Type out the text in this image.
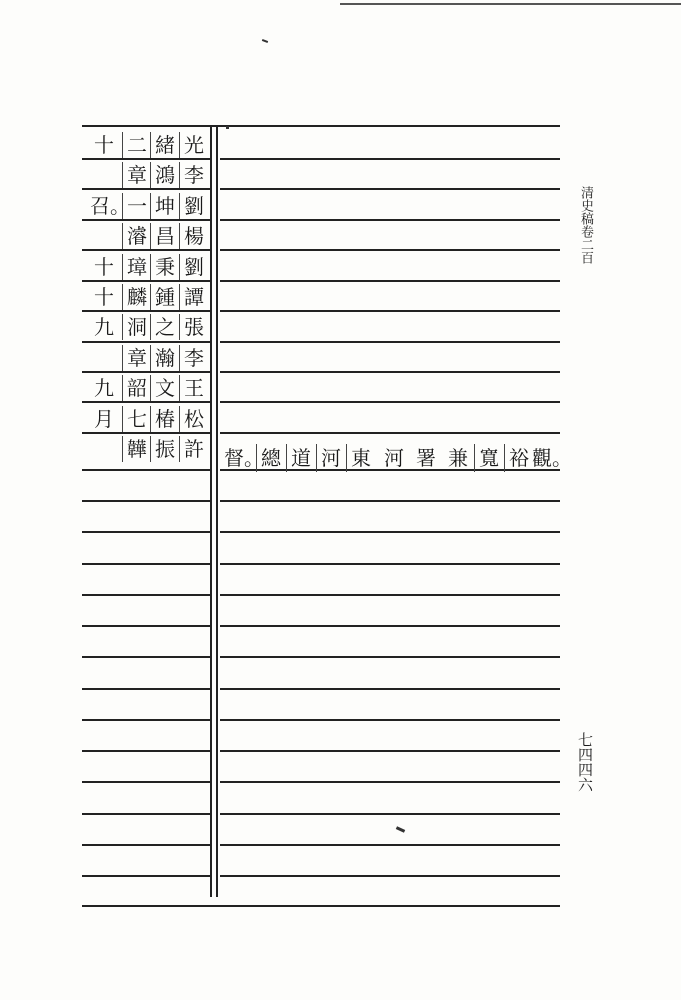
清史稿卷二百
七四四六
十 二 緒 光
章 鴻 李
召。
一 坤 劉
濬 昌 楊
十 璋 秉 劉
十 麟 鍾 譚
九 洞 之 張
章 瀚 李
九 韶 文 王
月 七 椿 松
韡 振 許 督。
總 道 河 東 河 署 兼 寬 裕 觀。
